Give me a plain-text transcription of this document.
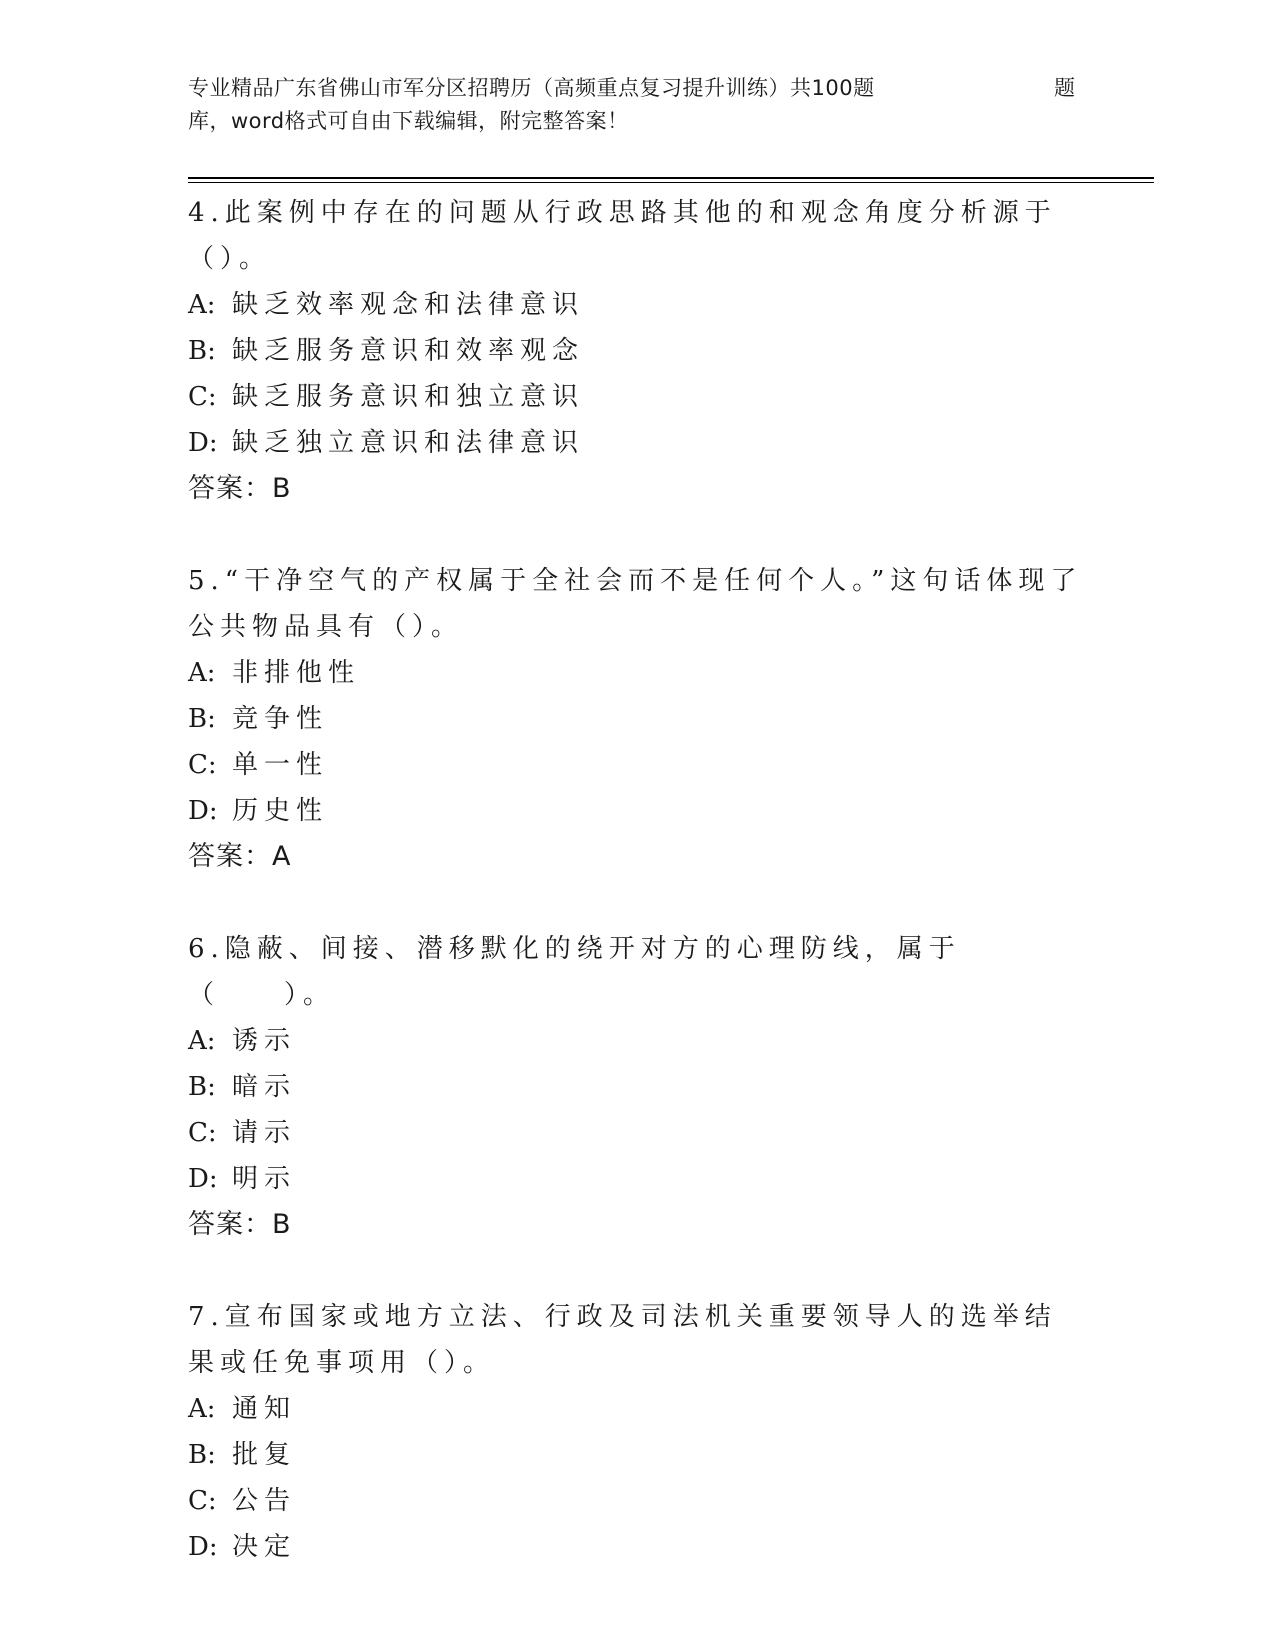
专业精品广东省佛山市军分区招聘历（高频重点复习提升训练）共100题	题
库，word格式可自由下载编辑，附完整答案！
4.此案例中存在的问题从行政思路其他的和观念角度分析源于（）。
A: 缺乏效率观念和法律意识
B: 缺乏服务意识和效率观念
C: 缺乏服务意识和独立意识
D: 缺乏独立意识和法律意识
答案：B
5.“干净空气的产权属于全社会而不是任何个人。”这句话体现了公共物品具有（）。
A: 非排他性
B: 竞争性
C: 单一性
D: 历史性
答案：A
6.隐蔽、间接、潜移默化的绕开对方的心理防线，属于（　　）。
A: 诱示
B: 暗示
C: 请示
D: 明示
答案：B
7.宣布国家或地方立法、行政及司法机关重要领导人的选举结果或任免事项用（）。
A: 通知
B: 批复
C: 公告
D: 决定
